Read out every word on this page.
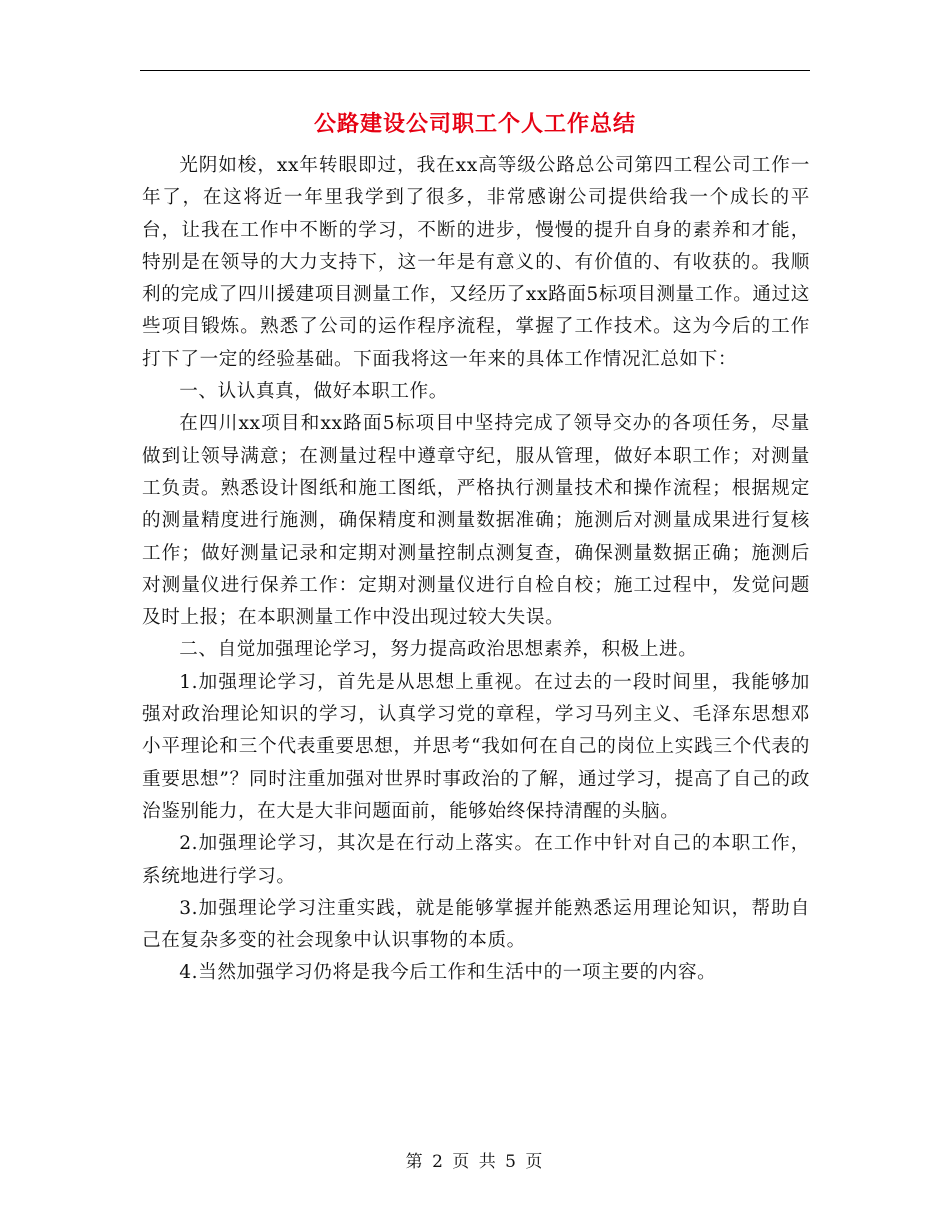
公路建设公司职工个人工作总结

光阴如梭，xx年转眼即过，我在xx高等级公路总公司第四工程公司工作一年了，在这将近一年里我学到了很多，非常感谢公司提供给我一个成长的平台，让我在工作中不断的学习，不断的进步，慢慢的提升自身的素养和才能，特别是在领导的大力支持下，这一年是有意义的、有价值的、有收获的。我顺利的完成了四川援建项目测量工作，又经历了xx路面5标项目测量工作。通过这些项目锻炼。熟悉了公司的运作程序流程，掌握了工作技术。这为今后的工作打下了一定的经验基础。下面我将这一年来的具体工作情况汇总如下：

一、认认真真，做好本职工作。

在四川xx项目和xx路面5标项目中坚持完成了领导交办的各项任务，尽量做到让领导满意；在测量过程中遵章守纪，服从管理，做好本职工作；对测量工负责。熟悉设计图纸和施工图纸，严格执行测量技术和操作流程；根据规定的测量精度进行施测，确保精度和测量数据准确；施测后对测量成果进行复核工作；做好测量记录和定期对测量控制点测复查，确保测量数据正确；施测后对测量仪进行保养工作：定期对测量仪进行自检自校；施工过程中，发觉问题及时上报；在本职测量工作中没出现过较大失误。

二、自觉加强理论学习，努力提高政治思想素养，积极上进。

1.加强理论学习，首先是从思想上重视。在过去的一段时间里，我能够加强对政治理论知识的学习，认真学习党的章程，学习马列主义、毛泽东思想邓小平理论和三个代表重要思想，并思考“我如何在自己的岗位上实践三个代表的重要思想”？同时注重加强对世界时事政治的了解，通过学习，提高了自己的政治鉴别能力，在大是大非问题面前，能够始终保持清醒的头脑。

2.加强理论学习，其次是在行动上落实。在工作中针对自己的本职工作，系统地进行学习。

3.加强理论学习注重实践，就是能够掌握并能熟悉运用理论知识，帮助自己在复杂多变的社会现象中认识事物的本质。

4.当然加强学习仍将是我今后工作和生活中的一项主要的内容。

第 2 页 共 5 页
